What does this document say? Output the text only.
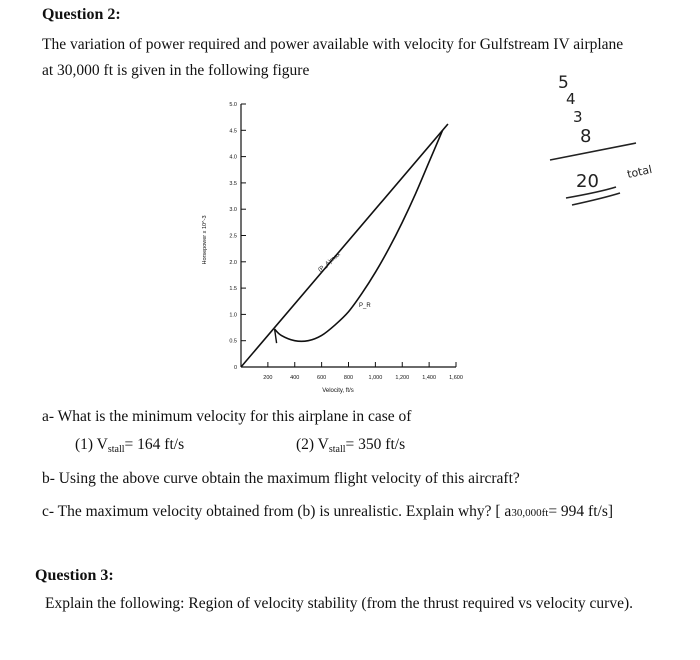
Question 2:
The variation of power required and power available with velocity for Gulfstream IV airplane
at 30,000 ft is given in the following figure
0
0.5
1.0
1.5
2.0
2.5
3.0
3.5
4.0
4.5
5.0
200	400	600	800	1,000 1,200 1,400 1,600
Horsepower x 10^-3
Velocity, ft/s
(P_A)max
P_R
5
4
3
8
20 total
a- What is the minimum velocity for this airplane in case of
(1) Vstall= 164 ft/s	(2) Vstall= 350 ft/s
b- Using the above curve obtain the maximum flight velocity of this aircraft?
c- The maximum velocity obtained from (b) is unrealistic. Explain why? [ a30,000ft= 994 ft/s]
Question 3:
Explain the following: Region of velocity stability (from the thrust required vs velocity curve).
